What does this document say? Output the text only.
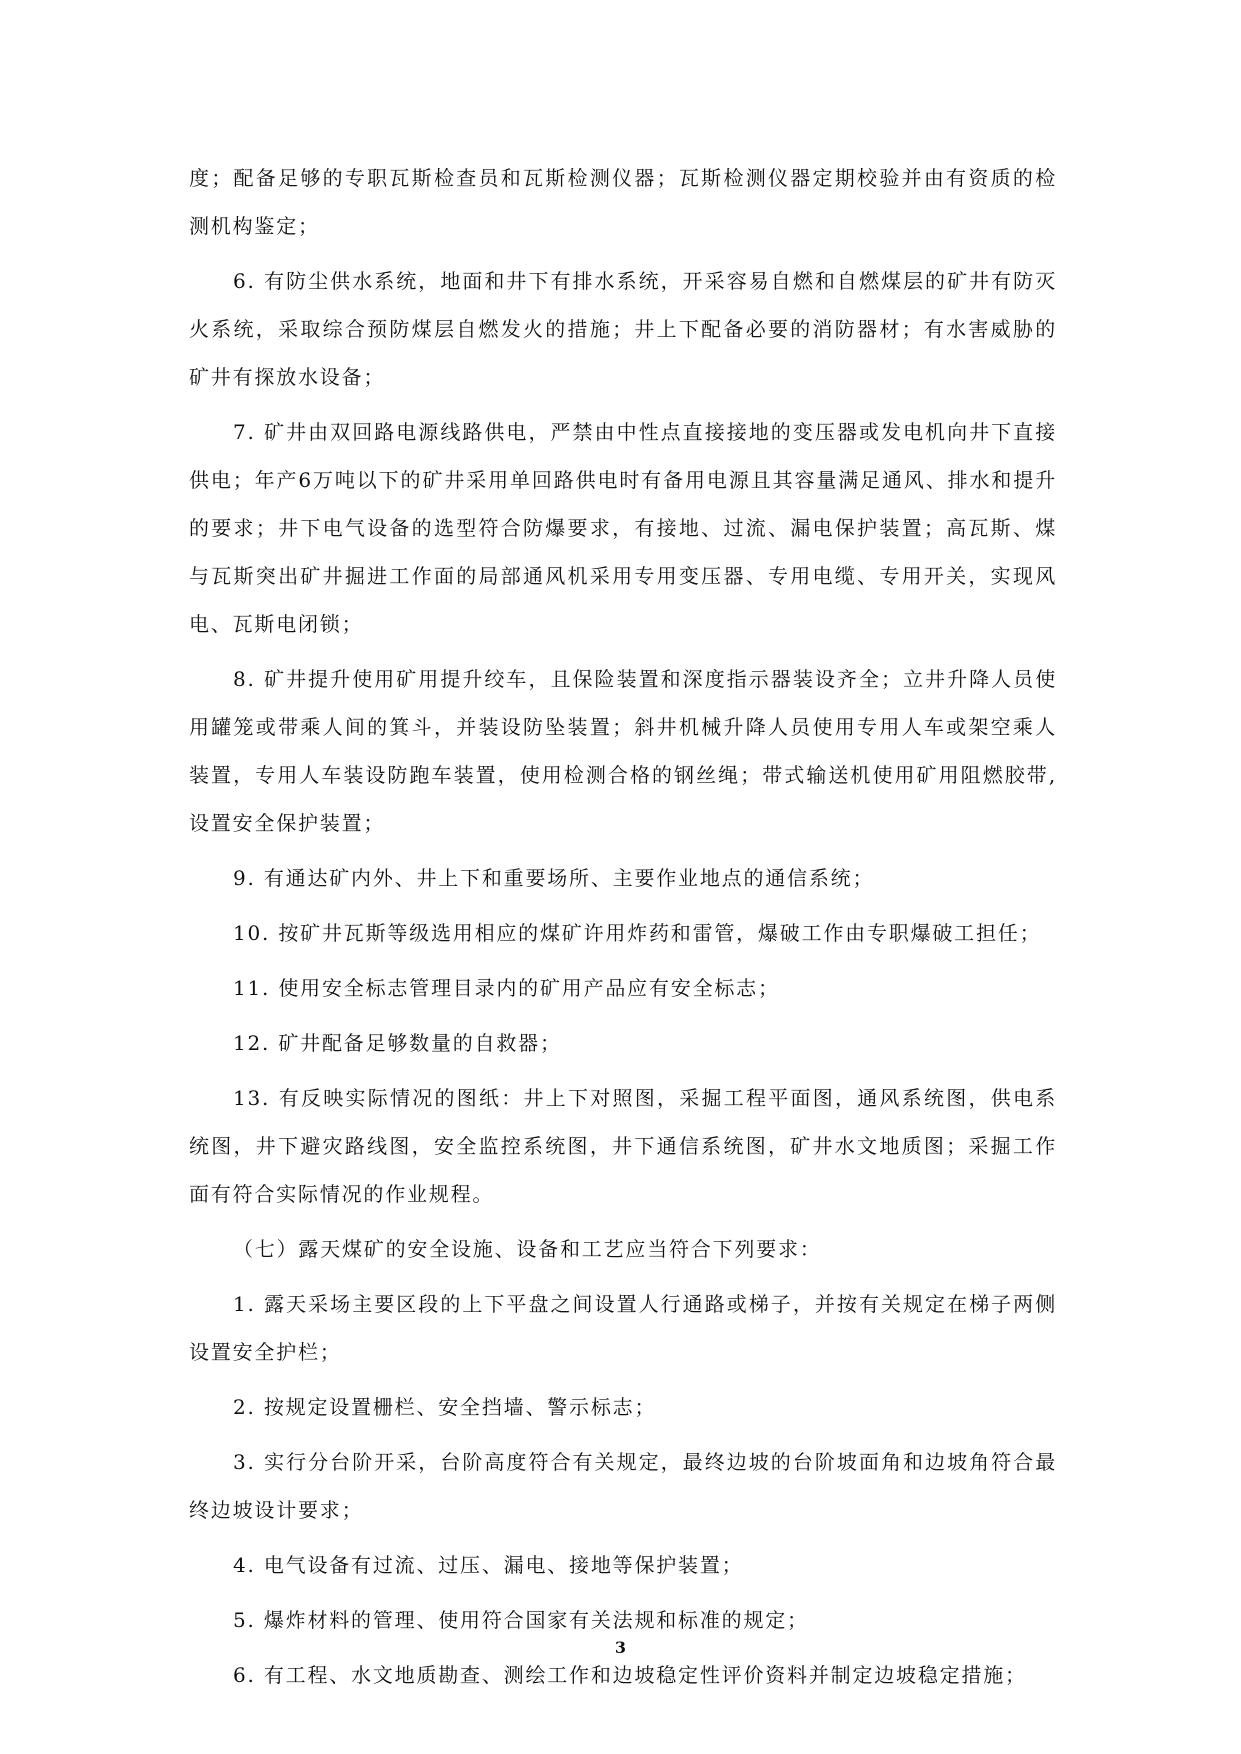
度；配备足够的专职瓦斯检查员和瓦斯检测仪器；瓦斯检测仪器定期校验并由有资质的检测机构鉴定；

6. 有防尘供水系统，地面和井下有排水系统，开采容易自燃和自燃煤层的矿井有防灭火系统，采取综合预防煤层自燃发火的措施；井上下配备必要的消防器材；有水害威胁的矿井有探放水设备；

7. 矿井由双回路电源线路供电，严禁由中性点直接接地的变压器或发电机向井下直接供电；年产6万吨以下的矿井采用单回路供电时有备用电源且其容量满足通风、排水和提升的要求；井下电气设备的选型符合防爆要求，有接地、过流、漏电保护装置；高瓦斯、煤与瓦斯突出矿井掘进工作面的局部通风机采用专用变压器、专用电缆、专用开关，实现风电、瓦斯电闭锁；

8. 矿井提升使用矿用提升绞车，且保险装置和深度指示器装设齐全；立井升降人员使用罐笼或带乘人间的箕斗，并装设防坠装置；斜井机械升降人员使用专用人车或架空乘人装置，专用人车装设防跑车装置，使用检测合格的钢丝绳；带式输送机使用矿用阻燃胶带,设置安全保护装置；

9. 有通达矿内外、井上下和重要场所、主要作业地点的通信系统；

10. 按矿井瓦斯等级选用相应的煤矿许用炸药和雷管，爆破工作由专职爆破工担任；

11. 使用安全标志管理目录内的矿用产品应有安全标志；

12. 矿井配备足够数量的自救器；

13. 有反映实际情况的图纸：井上下对照图，采掘工程平面图，通风系统图，供电系统图，井下避灾路线图，安全监控系统图，井下通信系统图，矿井水文地质图；采掘工作面有符合实际情况的作业规程。

（七）露天煤矿的安全设施、设备和工艺应当符合下列要求：

1. 露天采场主要区段的上下平盘之间设置人行通路或梯子，并按有关规定在梯子两侧设置安全护栏；

2. 按规定设置栅栏、安全挡墙、警示标志；

3. 实行分台阶开采，台阶高度符合有关规定，最终边坡的台阶坡面角和边坡角符合最终边坡设计要求；

4. 电气设备有过流、过压、漏电、接地等保护装置；

5. 爆炸材料的管理、使用符合国家有关法规和标准的规定；

6. 有工程、水文地质勘查、测绘工作和边坡稳定性评价资料并制定边坡稳定措施；

3
